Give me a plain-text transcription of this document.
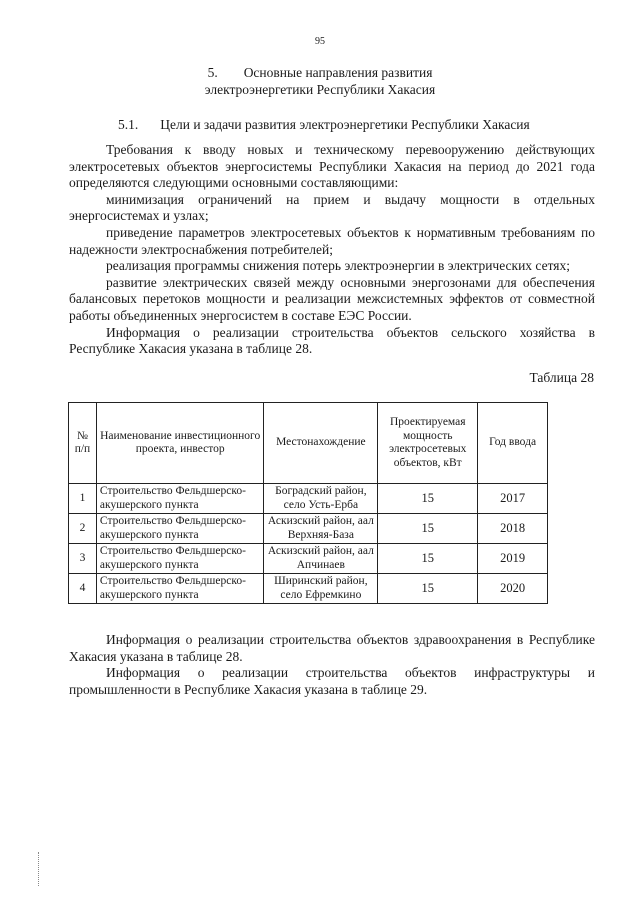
95
5. Основные направления развития
электроэнергетики Республики Хакасия
5.1. Цели и задачи развития электроэнергетики Республики Хакасия

Требования к вводу новых и техническому перевооружению действующих электросетевых объектов энергосистемы Республики Хакасия на период до 2021 года определяются следующими основными составляющими:

минимизация ограничений на прием и выдачу мощности в отдельных энергосистемах и узлах;

приведение параметров электросетевых объектов к нормативным требованиям по надежности электроснабжения потребителей;

реализация программы снижения потерь электроэнергии в электрических сетях;

развитие электрических связей между основными энергозонами для обеспечения балансовых перетоков мощности и реализации межсистемных эффектов от совместной работы объединенных энергосистем в составе ЕЭС России.

Информация о реализации строительства объектов сельского хозяйства в Республике Хакасия указана в таблице 28.

Таблица 28
№ п/п	Наименование инвестиционного проекта, инвестор	Местонахождение	Проектируемая мощность электросетевых объектов, кВт	Год ввода
1	Строительство Фельдшерско-акушерского пункта	Боградский район, село Усть-Ерба	15	2017
2	Строительство Фельдшерско-акушерского пункта	Аскизский район, аал Верхняя-База	15	2018
3	Строительство Фельдшерско-акушерского пункта	Аскизский район, аал Апчинаев	15	2019
4	Строительство Фельдшерско-акушерского пункта	Ширинский район, село Ефремкино	15	2020

Информация о реализации строительства объектов здравоохранения в Республике Хакасия указана в таблице 28.

Информация о реализации строительства объектов инфраструктуры и промышленности в Республике Хакасия указана в таблице 29.
